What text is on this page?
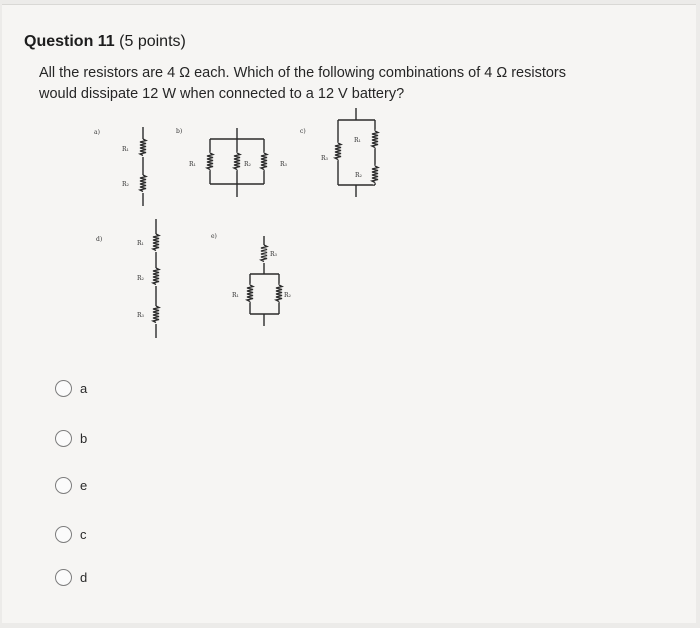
Question 11 (5 points)
All the resistors are 4 Ω each. Which of the following combinations of 4 Ω resistors
would dissipate 12 W when connected to a 12 V battery?
a)
R₁
R₂
b)
R₁	R₂	R₃
c)
R₁
R₃
R₂
d)
R₁
R₂
R₃
e)
R₃
R₁	R₂
a
b
e
c
d
